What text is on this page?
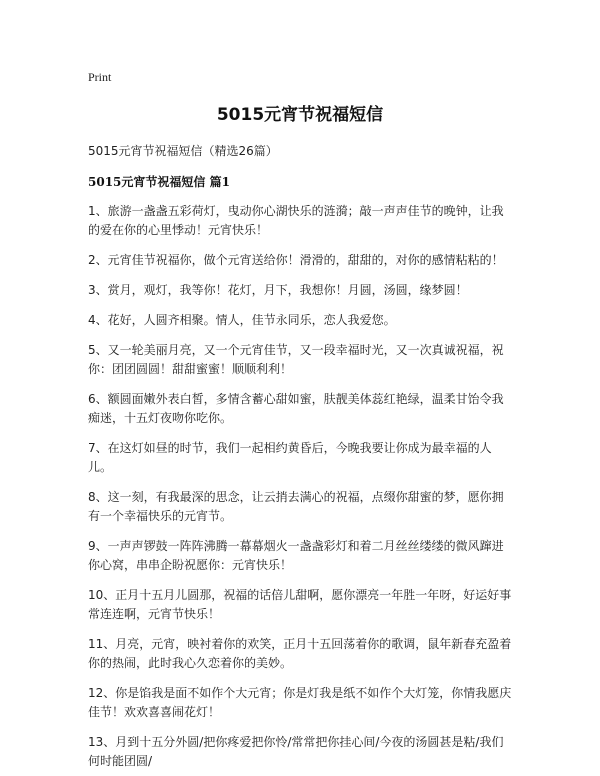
Print
5015元宵节祝福短信
5015元宵节祝福短信（精选26篇）
5015元宵节祝福短信 篇1

1、旅游一盏盏五彩荷灯，曳动你心湖快乐的涟漪；敲一声声佳节的晚钟，让我的爱在你的心里悸动！元宵快乐！

2、元宵佳节祝福你，做个元宵送给你！滑滑的，甜甜的，对你的感情粘粘的！

3、赏月，观灯，我等你！花灯，月下，我想你！月圆，汤圆，缘梦圆！

4、花好，人圆齐相聚。情人，佳节永同乐，恋人我爱您。

5、又一轮美丽月亮，又一个元宵佳节，又一段幸福时光，又一次真诚祝福，祝你：团团圆圆！甜甜蜜蜜！顺顺利利！

6、额圆面嫩外表白皙，多情含蓄心甜如蜜，肤靓美体蕊红艳绿，温柔甘饴令我痴迷，十五灯夜吻你吃你。

7、在这灯如昼的时节，我们一起相约黄昏后，今晚我要让你成为最幸福的人儿。

8、这一刻，有我最深的思念，让云捎去满心的祝福，点缀你甜蜜的梦，愿你拥有一个幸福快乐的元宵节。

9、一声声锣鼓一阵阵沸腾一幕幕烟火一盏盏彩灯和着二月丝丝缕缕的微风蹿进你心窝，串串企盼祝愿你：元宵快乐！

10、正月十五月儿圆那，祝福的话倍儿甜啊，愿你漂亮一年胜一年呀，好运好事常连连啊，元宵节快乐！

11、月亮，元宵，映衬着你的欢笑，正月十五回荡着你的歌调，鼠年新春充盈着你的热闹，此时我心久恋着你的美妙。

12、你是馅我是面不如作个大元宵；你是灯我是纸不如作个大灯笼，你情我愿庆佳节！欢欢喜喜闹花灯！

13、月到十五分外圆/把你疼爱把你怜/常常把你挂心间/今夜的汤圆甚是粘/我们何时能团圆/
